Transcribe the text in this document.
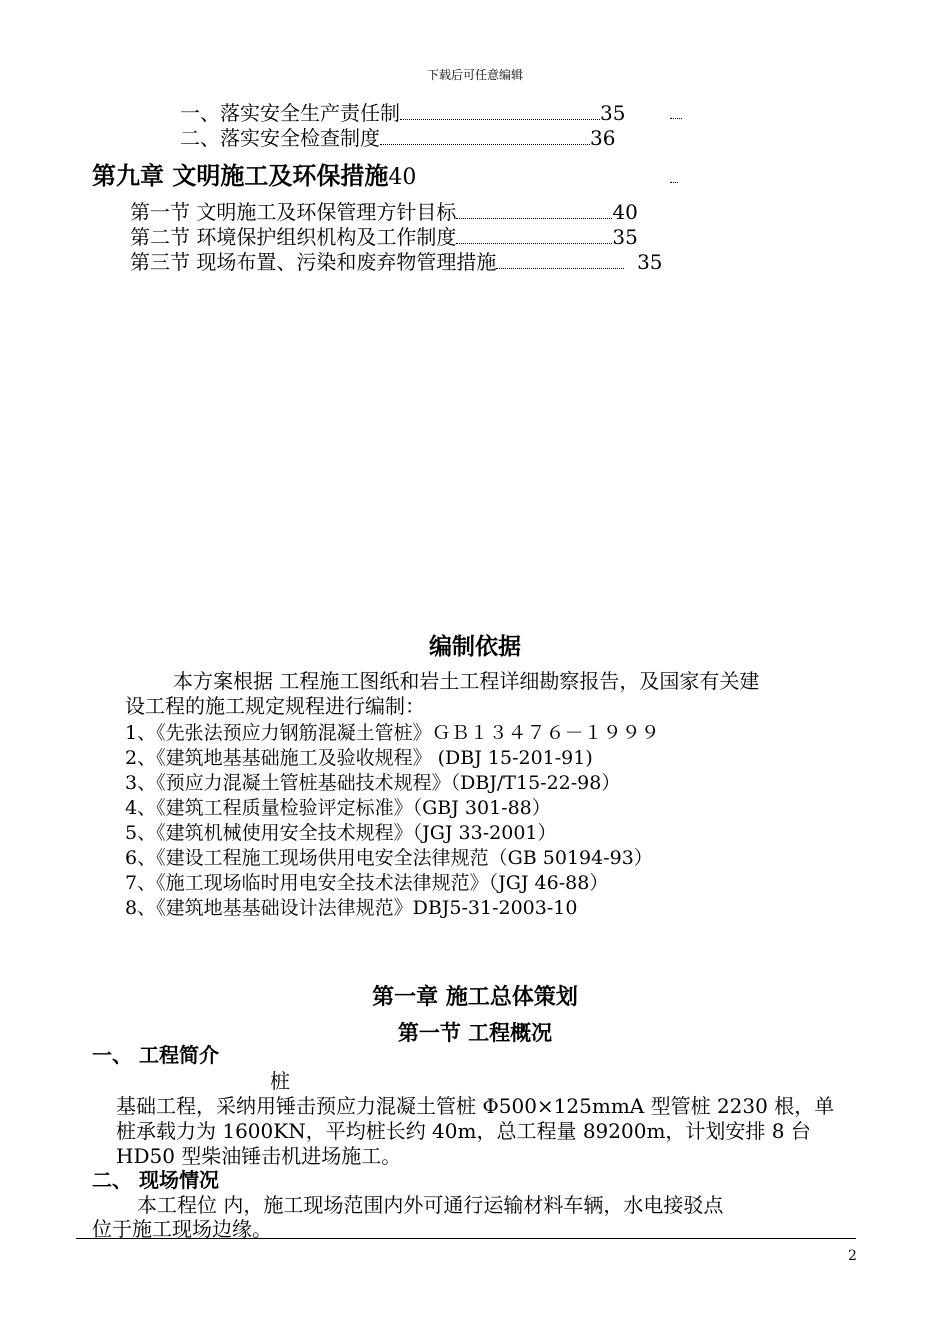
下载后可任意编辑
一、落实安全生产责任制	35
二、落实安全检查制度	36
第九章 文明施工及环保措施40
第一节 文明施工及环保管理方针目标	40
第二节 环境保护组织机构及工作制度	35
第三节 现场布置、污染和废弃物管理措施	35
编制依据
本方案根据 工程施工图纸和岩土工程详细勘察报告，及国家有关建
设工程的施工规定规程进行编制：
1、《先张法预应力钢筋混凝土管桩》ＧＢ１３４７６－１９９９
2、《建筑地基基础施工及验收规程》 (DBJ 15-201-91)
3、《预应力混凝土管桩基础技术规程》（DBJ/T15-22-98）
4、《建筑工程质量检验评定标准》（GBJ 301-88）
5、《建筑机械使用安全技术规程》（JGJ 33-2001）
6、《建设工程施工现场供用电安全法律规范（GB 50194-93）
7、《施工现场临时用电安全技术法律规范》（JGJ 46-88）
8、《建筑地基基础设计法律规范》DBJ5-31-2003-10
第一章 施工总体策划
第一节 工程概况
一、 工程简介
桩
基础工程，采纳用锤击预应力混凝土管桩 Φ500×125mmA 型管桩 2230 根，单
桩承载力为 1600KN，平均桩长约 40m，总工程量 89200m，计划安排 8 台
HD50 型柴油锤击机进场施工。
二、 现场情况
本工程位 内，施工现场范围内外可通行运输材料车辆，水电接驳点
位于施工现场边缘。
2
